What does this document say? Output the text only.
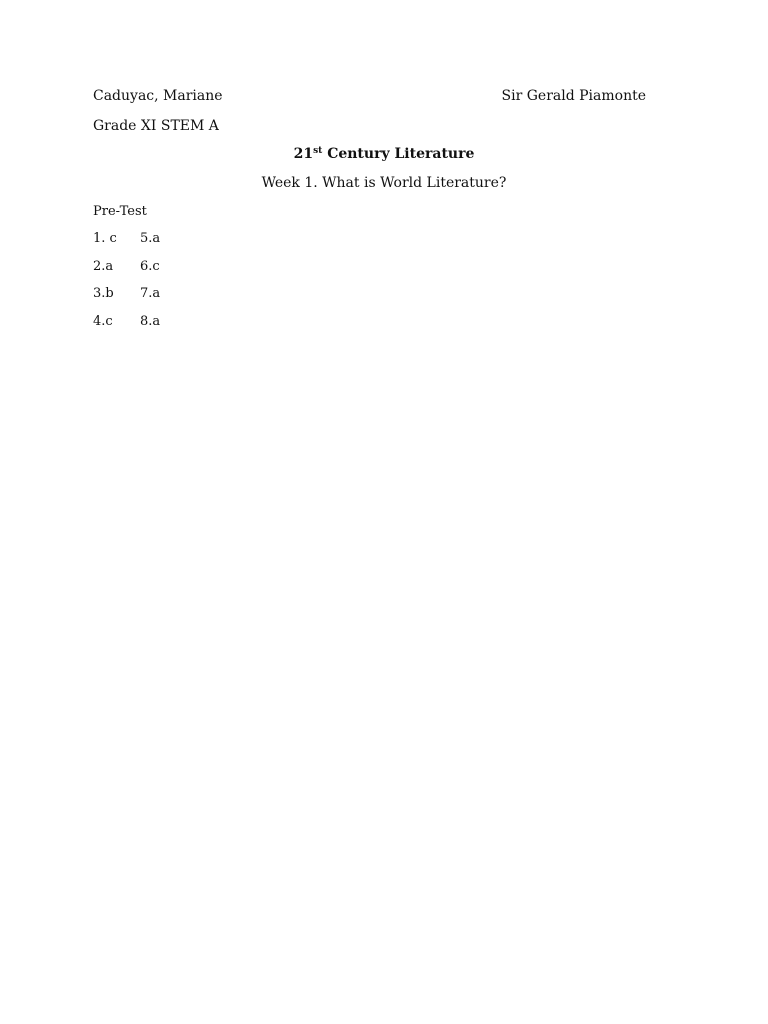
Caduyac, Mariane	Sir Gerald Piamonte
Grade XI STEM A
21st Century Literature
Week 1. What is World Literature?
Pre-Test
1. c	5.a
2.a	6.c
3.b	7.a
4.c	8.a
